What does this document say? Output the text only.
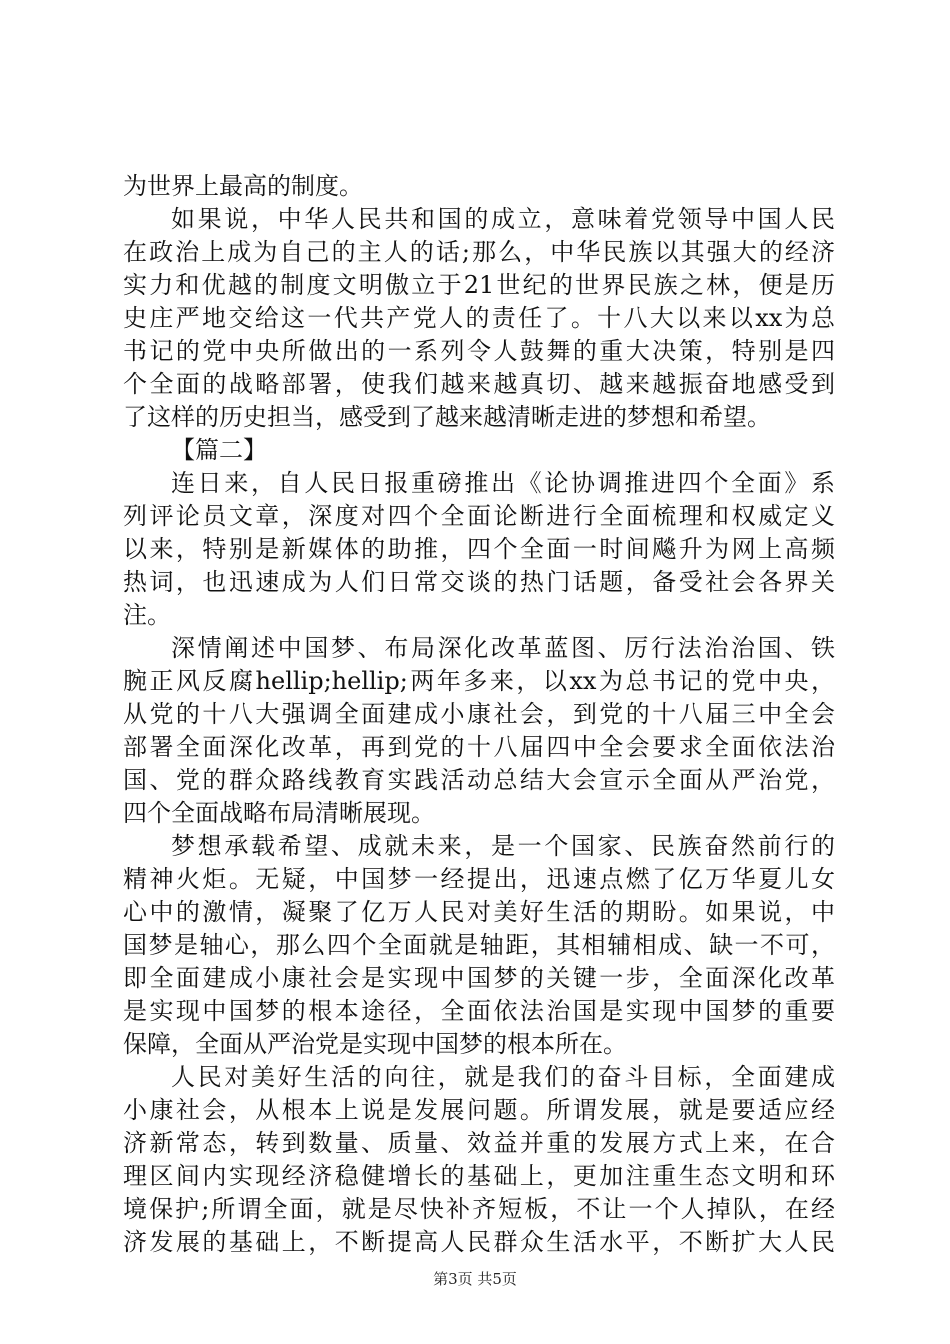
为世界上最高的制度。
如果说，中华人民共和国的成立，意味着党领导中国人民
在政治上成为自己的主人的话;那么，中华民族以其强大的经济
实力和优越的制度文明傲立于21世纪的世界民族之林，便是历
史庄严地交给这一代共产党人的责任了。十八大以来以xx为总
书记的党中央所做出的一系列令人鼓舞的重大决策，特别是四
个全面的战略部署，使我们越来越真切、越来越振奋地感受到
了这样的历史担当，感受到了越来越清晰走进的梦想和希望。
【篇二】
连日来，自人民日报重磅推出《论协调推进四个全面》系
列评论员文章，深度对四个全面论断进行全面梳理和权威定义
以来，特别是新媒体的助推，四个全面一时间飚升为网上高频
热词，也迅速成为人们日常交谈的热门话题，备受社会各界关
注。
深情阐述中国梦、布局深化改革蓝图、厉行法治治国、铁
腕正风反腐hellip;hellip;两年多来，以xx为总书记的党中央，
从党的十八大强调全面建成小康社会，到党的十八届三中全会
部署全面深化改革，再到党的十八届四中全会要求全面依法治
国、党的群众路线教育实践活动总结大会宣示全面从严治党，
四个全面战略布局清晰展现。
梦想承载希望、成就未来，是一个国家、民族奋然前行的
精神火炬。无疑，中国梦一经提出，迅速点燃了亿万华夏儿女
心中的激情，凝聚了亿万人民对美好生活的期盼。如果说，中
国梦是轴心，那么四个全面就是轴距，其相辅相成、缺一不可，
即全面建成小康社会是实现中国梦的关键一步，全面深化改革
是实现中国梦的根本途径，全面依法治国是实现中国梦的重要
保障，全面从严治党是实现中国梦的根本所在。
人民对美好生活的向往，就是我们的奋斗目标，全面建成
小康社会，从根本上说是发展问题。所谓发展，就是要适应经
济新常态，转到数量、质量、效益并重的发展方式上来，在合
理区间内实现经济稳健增长的基础上，更加注重生态文明和环
境保护;所谓全面，就是尽快补齐短板，不让一个人掉队，在经
济发展的基础上，不断提高人民群众生活水平，不断扩大人民
第3页 共5页
